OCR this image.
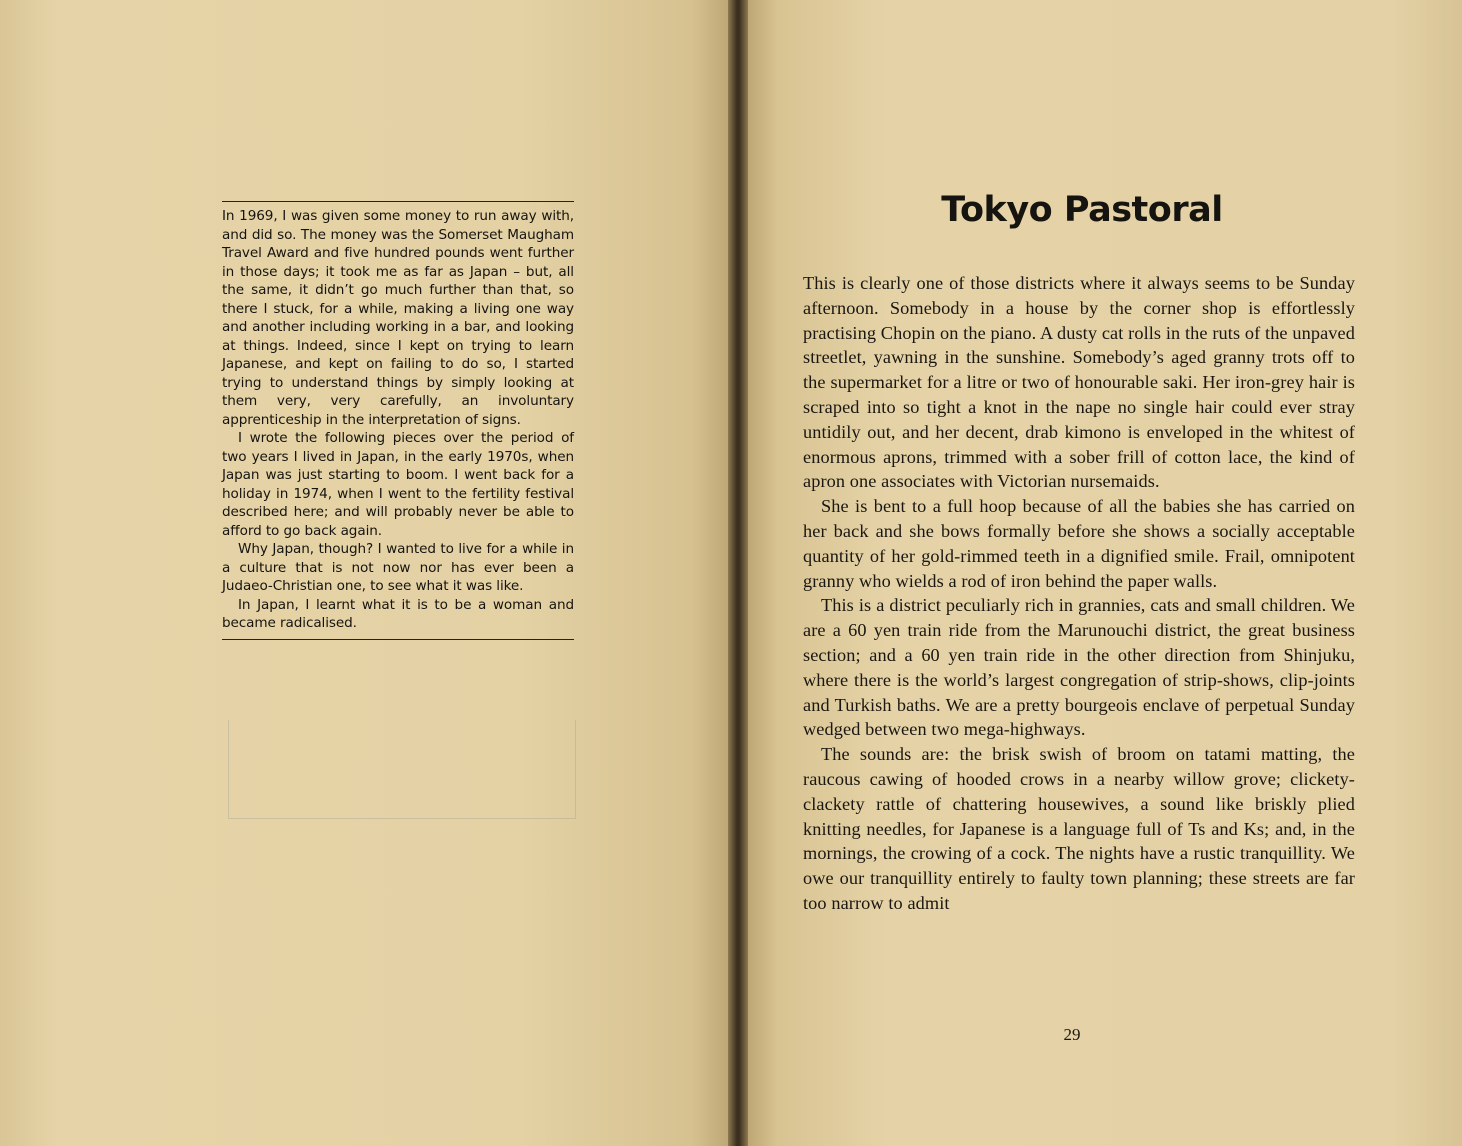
In 1969, I was given some money to run away with, and did so. The money was the Somerset Maugham Travel Award and five hundred pounds went further in those days; it took me as far as Japan – but, all the same, it didn’t go much further than that, so there I stuck, for a while, making a living one way and another including working in a bar, and looking at things. Indeed, since I kept on trying to learn Japanese, and kept on failing to do so, I started trying to understand things by simply looking at them very, very carefully, an involuntary apprenticeship in the interpretation of signs.

I wrote the following pieces over the period of two years I lived in Japan, in the early 1970s, when Japan was just starting to boom. I went back for a holiday in 1974, when I went to the fertility festival described here; and will probably never be able to afford to go back again.

Why Japan, though? I wanted to live for a while in a culture that is not now nor has ever been a Judaeo-Christian one, to see what it was like.

In Japan, I learnt what it is to be a woman and became radicalised.

Tokyo Pastoral

This is clearly one of those districts where it always seems to be Sunday afternoon. Somebody in a house by the corner shop is effortlessly practising Chopin on the piano. A dusty cat rolls in the ruts of the unpaved streetlet, yawning in the sunshine. Somebody’s aged granny trots off to the supermarket for a litre or two of honourable saki. Her iron-grey hair is scraped into so tight a knot in the nape no single hair could ever stray untidily out, and her decent, drab kimono is enveloped in the whitest of enormous aprons, trimmed with a sober frill of cotton lace, the kind of apron one associates with Victorian nursemaids.

She is bent to a full hoop because of all the babies she has carried on her back and she bows formally before she shows a socially acceptable quantity of her gold-rimmed teeth in a dignified smile. Frail, omnipotent granny who wields a rod of iron behind the paper walls.

This is a district peculiarly rich in grannies, cats and small children. We are a 60 yen train ride from the Marunouchi district, the great business section; and a 60 yen train ride in the other direction from Shinjuku, where there is the world’s largest congregation of strip-shows, clip-joints and Turkish baths. We are a pretty bourgeois enclave of perpetual Sunday wedged between two mega-highways.

The sounds are: the brisk swish of broom on tatami matting, the raucous cawing of hooded crows in a nearby willow grove; clickety-clackety rattle of chattering housewives, a sound like briskly plied knitting needles, for Japanese is a language full of Ts and Ks; and, in the mornings, the crowing of a cock. The nights have a rustic tranquillity. We owe our tranquillity entirely to faulty town planning; these streets are far too narrow to admit

29
